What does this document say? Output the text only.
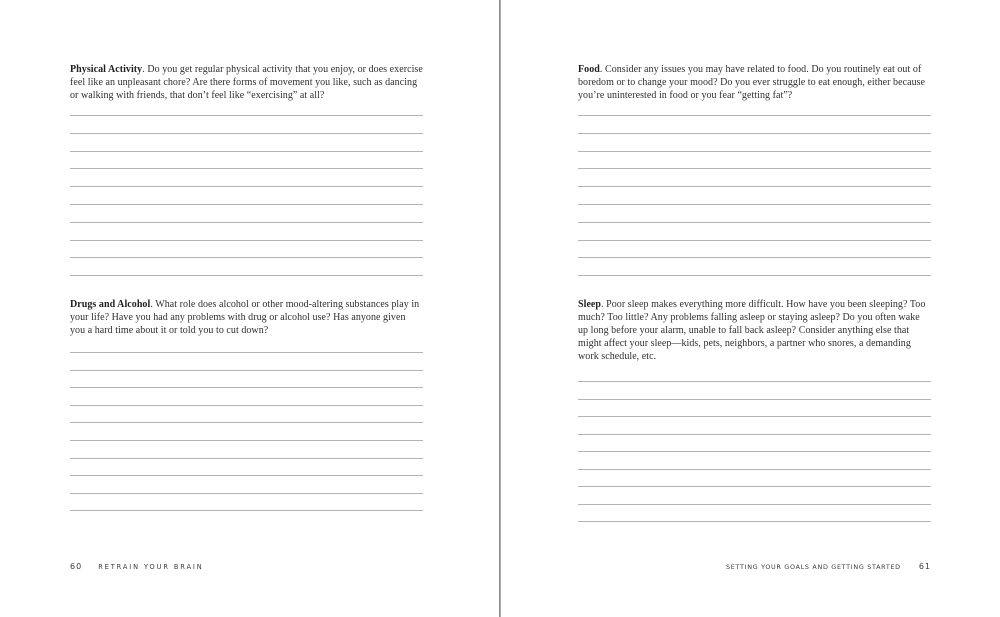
Physical Activity. Do you get regular physical activity that you enjoy, or does exercise feel like an unpleasant chore? Are there forms of movement you like, such as dancing or walking with friends, that don’t feel like “exercising” at all?

Drugs and Alcohol. What role does alcohol or other mood-altering substances play in your life? Have you had any problems with drug or alcohol use? Has anyone given you a hard time about it or told you to cut down?

Food. Consider any issues you may have related to food. Do you routinely eat out of boredom or to change your mood? Do you ever struggle to eat enough, either because you’re uninterested in food or you fear “getting fat”?

Sleep. Poor sleep makes everything more difficult. How have you been sleeping? Too much? Too little? Any problems falling asleep or staying asleep? Do you often wake up long before your alarm, unable to fall back asleep? Consider anything else that might affect your sleep—kids, pets, neighbors, a partner who snores, a demanding work schedule, etc.

60 RETRAIN YOUR BRAIN	SETTING YOUR GOALS AND GETTING STARTED 61
